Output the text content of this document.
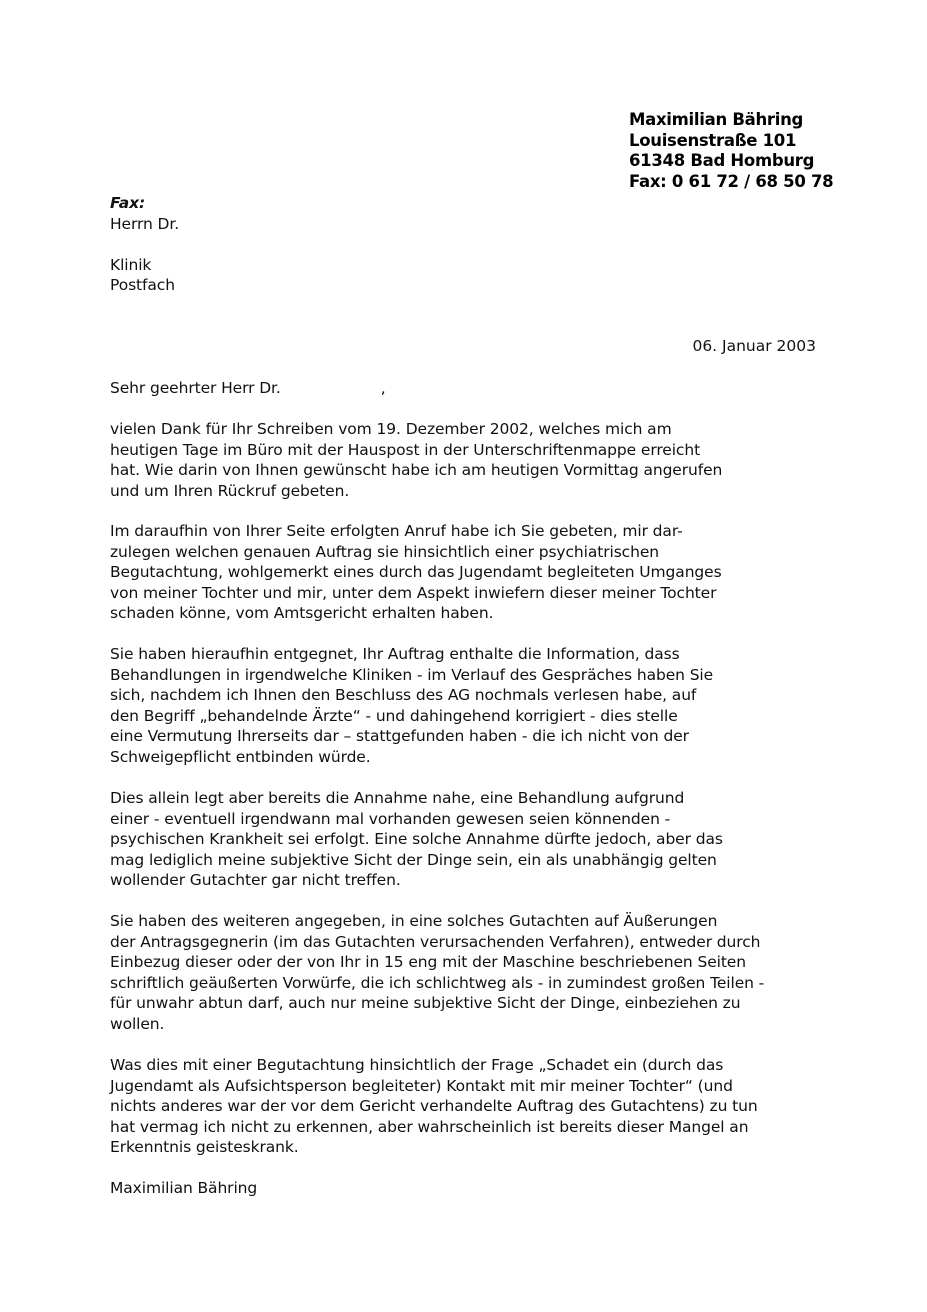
Maximilian Bähring
Louisenstraße 101
61348 Bad Homburg
Fax: 0 61 72 / 68 50 78
Fax:
Herrn Dr.
Klinik
Postfach
06. Januar 2003
Sehr geehrter Herr Dr.	,
vielen Dank für Ihr Schreiben vom 19. Dezember 2002, welches mich am
heutigen Tage im Büro mit der Hauspost in der Unterschriftenmappe erreicht
hat. Wie darin von Ihnen gewünscht habe ich am heutigen Vormittag angerufen
und um Ihren Rückruf gebeten.
Im daraufhin von Ihrer Seite erfolgten Anruf habe ich Sie gebeten, mir dar-
zulegen welchen genauen Auftrag sie hinsichtlich einer psychiatrischen
Begutachtung, wohlgemerkt eines durch das Jugendamt begleiteten Umganges
von meiner Tochter und mir, unter dem Aspekt inwiefern dieser meiner Tochter
schaden könne, vom Amtsgericht erhalten haben.
Sie haben hieraufhin entgegnet, Ihr Auftrag enthalte die Information, dass
Behandlungen in irgendwelche Kliniken - im Verlauf des Gespräches haben Sie
sich, nachdem ich Ihnen den Beschluss des AG nochmals verlesen habe, auf
den Begriff „behandelnde Ärzte“ - und dahingehend korrigiert - dies stelle
eine Vermutung Ihrerseits dar – stattgefunden haben - die ich nicht von der
Schweigepflicht entbinden würde.
Dies allein legt aber bereits die Annahme nahe, eine Behandlung aufgrund
einer - eventuell irgendwann mal vorhanden gewesen seien könnenden -
psychischen Krankheit sei erfolgt. Eine solche Annahme dürfte jedoch, aber das
mag lediglich meine subjektive Sicht der Dinge sein, ein als unabhängig gelten
wollender Gutachter gar nicht treffen.
Sie haben des weiteren angegeben, in eine solches Gutachten auf Äußerungen
der Antragsgegnerin (im das Gutachten verursachenden Verfahren), entweder durch
Einbezug dieser oder der von Ihr in 15 eng mit der Maschine beschriebenen Seiten
schriftlich geäußerten Vorwürfe, die ich schlichtweg als - in zumindest großen Teilen -
für unwahr abtun darf, auch nur meine subjektive Sicht der Dinge, einbeziehen zu
wollen.
Was dies mit einer Begutachtung hinsichtlich der Frage „Schadet ein (durch das
Jugendamt als Aufsichtsperson begleiteter) Kontakt mit mir meiner Tochter“ (und
nichts anderes war der vor dem Gericht verhandelte Auftrag des Gutachtens) zu tun
hat vermag ich nicht zu erkennen, aber wahrscheinlich ist bereits dieser Mangel an
Erkenntnis geisteskrank.
Maximilian Bähring
